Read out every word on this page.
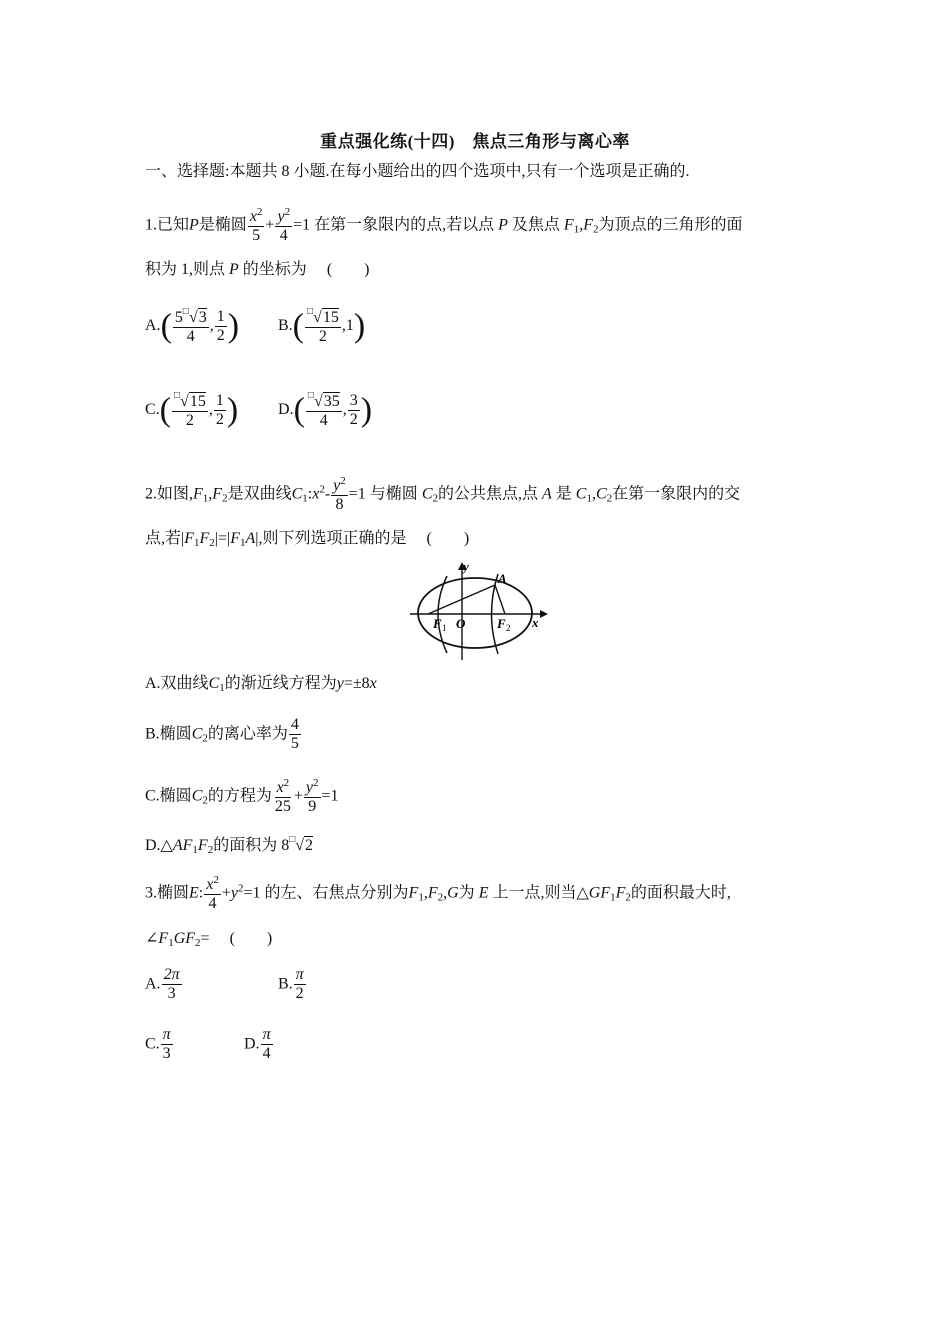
重点强化练(十四)　焦点三角形与离心率
一、选择题:本题共 8 小题.在每小题给出的四个选项中,只有一个选项是正确的.
1.已知P是椭圆 $\frac{x^2}{5} + \frac{y^2}{4} =1$ 在第一象限内的点,若以点 P 及焦点 $F_1,F_2$为顶点的三角形的面
积为 1,则点 P 的坐标为　 (　　)
$A.( \frac{5^□√3}{4}$ , $\frac{1}{2}$ ) $B.( \frac{^□√15}{2} ,1)$
$C.( \frac{^□√15}{2}$ , $\frac{1}{2}$ ) $D.( \frac{^□√35}{4}$ , $\frac{3}{2}$ )
2.如图$,F_1,F_2$是双曲线$C_1:x^2- \frac{y^2}{8} =1$ 与椭圆 $C_2$的公共焦点,点 A 是 $C_1,C_2$在第一象限内的交
点,若$|F_1F_2|=|F_1A|$,则下列选项正确的是　 (　　)
y
A
F 1 O F 2 x
A.双曲线$C_1$的渐近线方程为y=±8x
B.椭圆$C_2$的离心率为 $\frac{4}{5}$
C.椭圆$C_2$的方程为 $\frac{x^2}{25} + \frac{y^2}{9} =1$
$D.\triangle AF_1F_2$的面积为 8□√2
3.椭圆E: $\frac{x^2}{4} +y^2=1$ 的左、右焦点分别为$F_1,F_2,G$为 E 上一点,则当$\triangle GF_1F_2$的面积最大时,
$\angle F_1GF_2=$　 (　　)
A. $\frac{2\pi}{3}$	B. $\frac{\pi}{2}$
C. $\frac{\pi}{3}$	D. $\frac{\pi}{4}$
